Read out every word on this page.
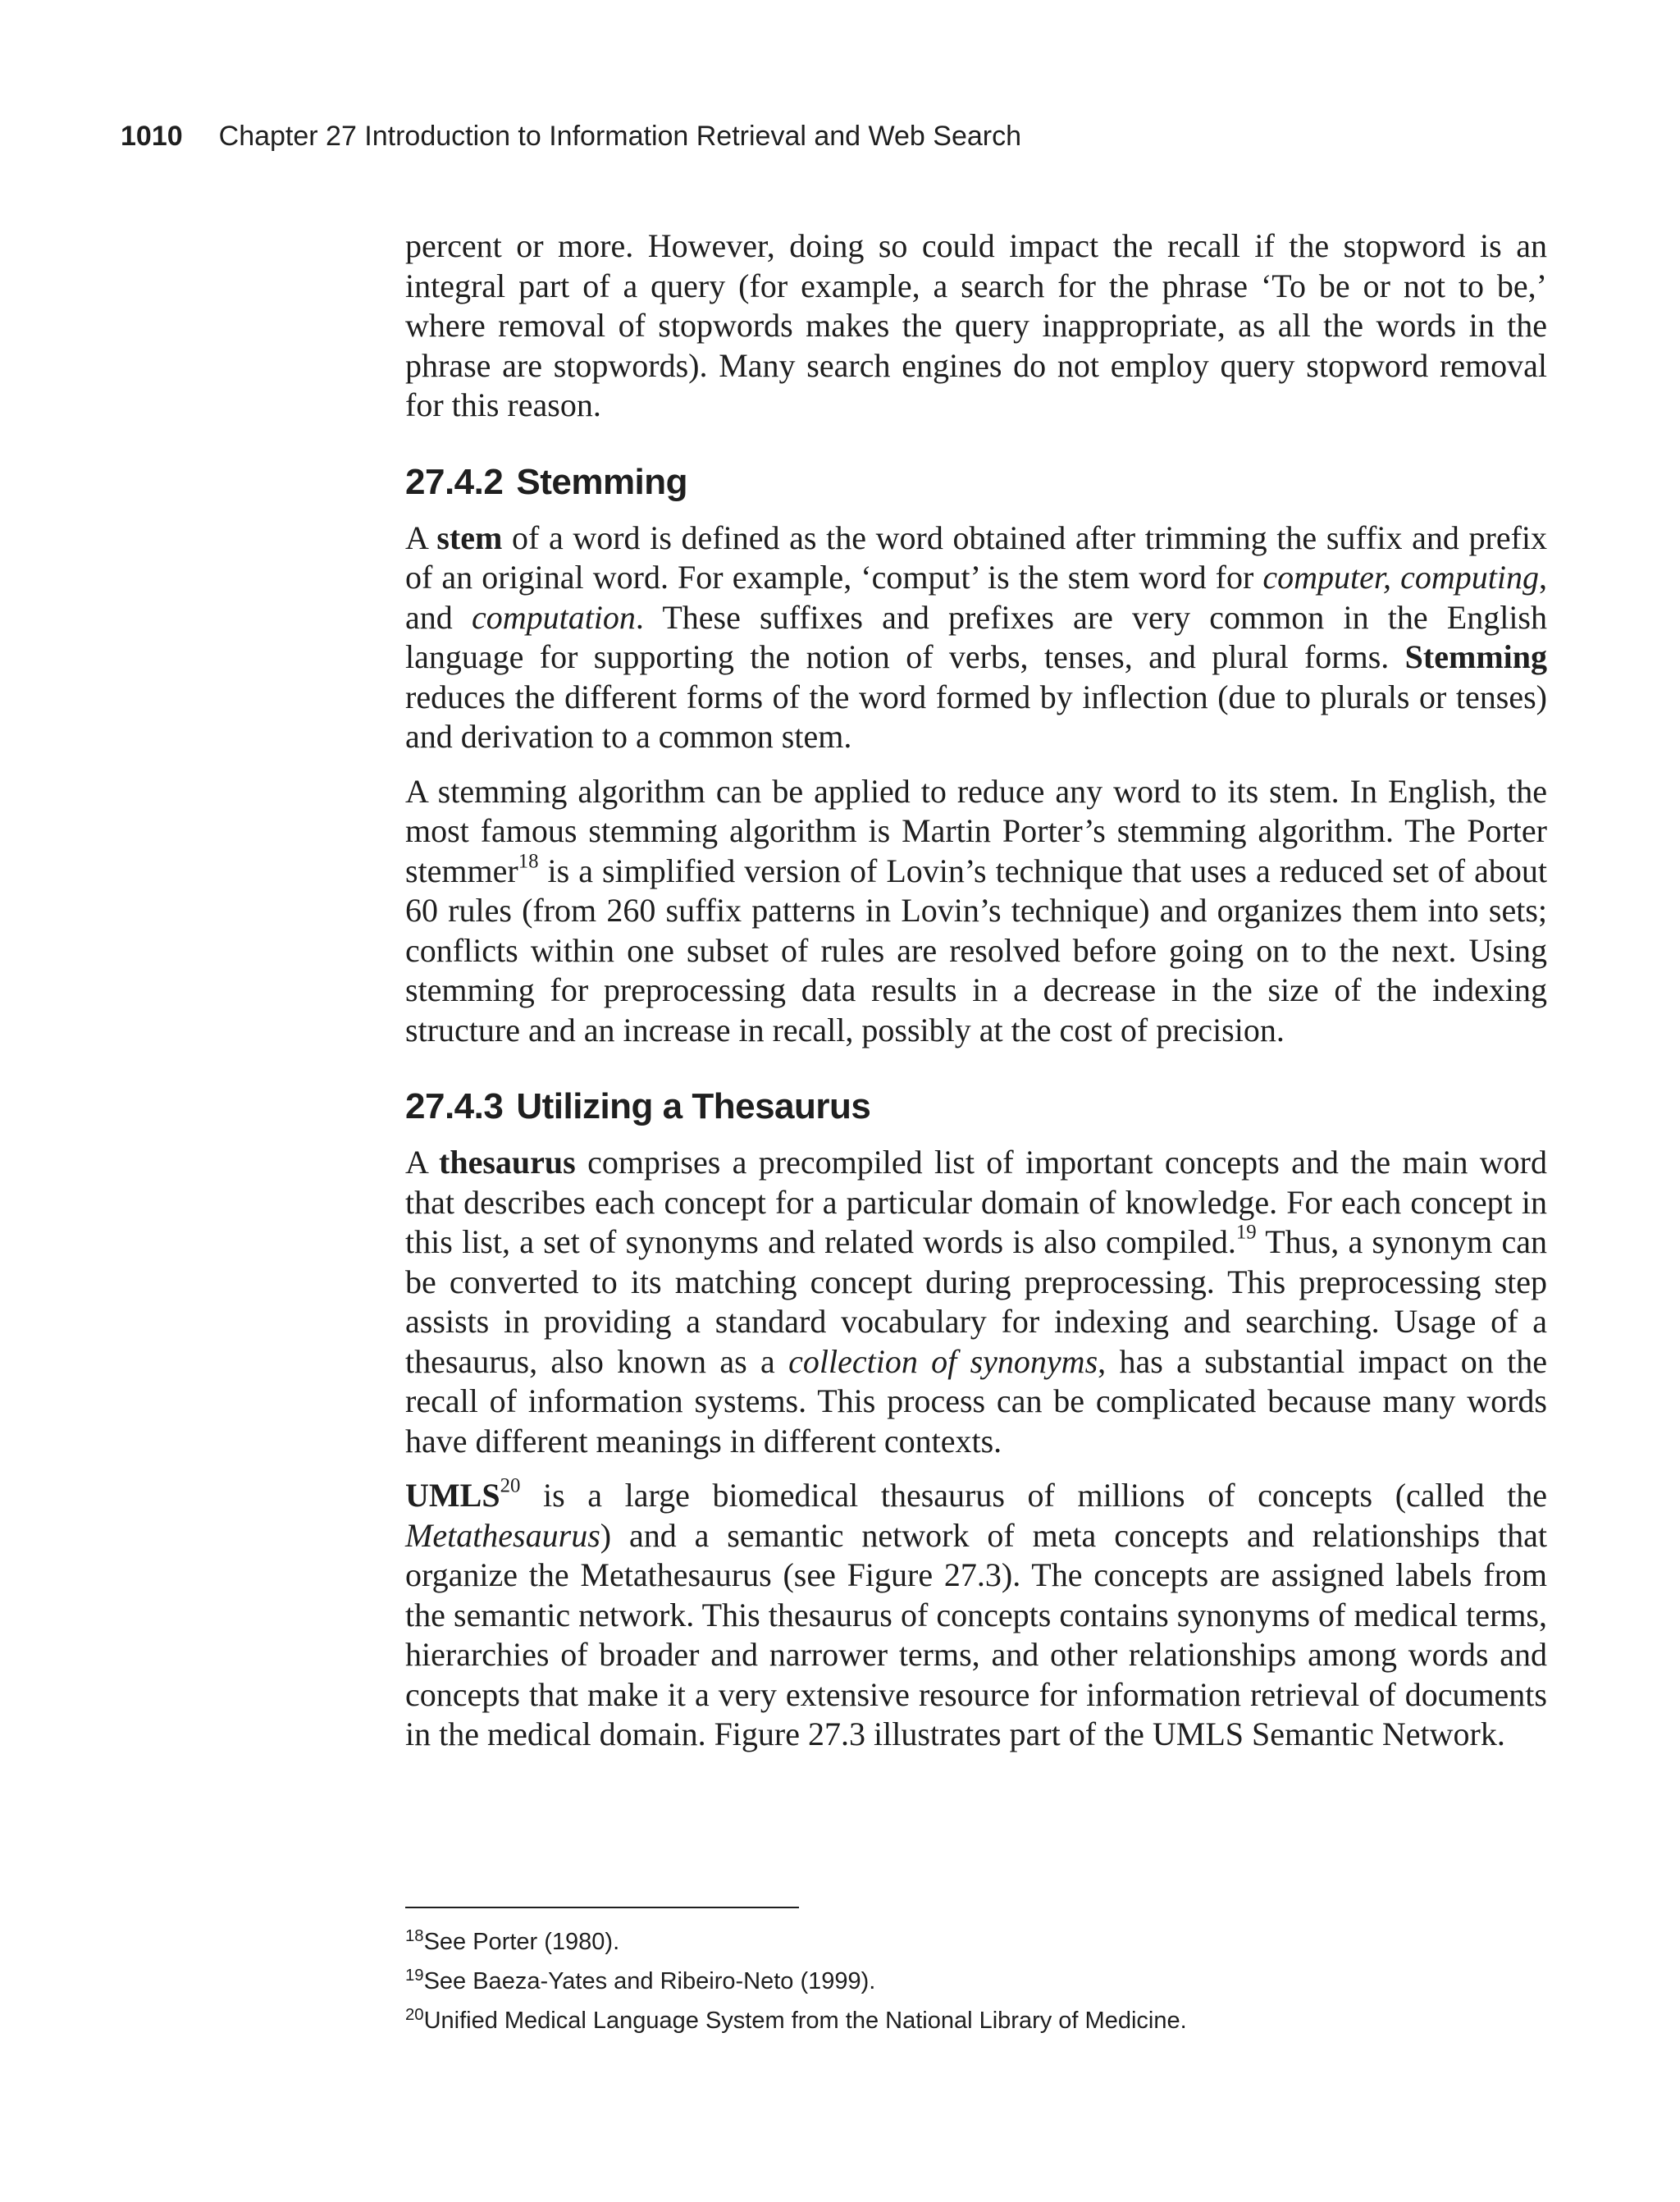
1010 Chapter 27 Introduction to Information Retrieval and Web Search

percent or more. However, doing so could impact the recall if the stopword is an integral part of a query (for example, a search for the phrase ‘To be or not to be,’ where removal of stopwords makes the query inappropriate, as all the words in the phrase are stopwords). Many search engines do not employ query stopword removal for this reason.

27.4.2 Stemming

A stem of a word is defined as the word obtained after trimming the suffix and prefix of an original word. For example, ‘comput’ is the stem word for computer, computing, and computation. These suffixes and prefixes are very common in the English language for supporting the notion of verbs, tenses, and plural forms. Stemming reduces the different forms of the word formed by inflection (due to plurals or tenses) and derivation to a common stem.

A stemming algorithm can be applied to reduce any word to its stem. In English, the most famous stemming algorithm is Martin Porter’s stemming algorithm. The Porter stemmer$^{18}$ is a simplified version of Lovin’s technique that uses a reduced set of about 60 rules (from 260 suffix patterns in Lovin’s technique) and organizes them into sets; conflicts within one subset of rules are resolved before going on to the next. Using stemming for preprocessing data results in a decrease in the size of the indexing structure and an increase in recall, possibly at the cost of precision.

27.4.3 Utilizing a Thesaurus

A thesaurus comprises a precompiled list of important concepts and the main word that describes each concept for a particular domain of knowledge. For each concept in this list, a set of synonyms and related words is also compiled.$^{19}$ Thus, a synonym can be converted to its matching concept during preprocessing. This preprocessing step assists in providing a standard vocabulary for indexing and searching. Usage of a thesaurus, also known as a collection of synonyms, has a substantial impact on the recall of information systems. This process can be complicated because many words have different meanings in different contexts.

UMLS$^{20}$ is a large biomedical thesaurus of millions of concepts (called the Metathesaurus) and a semantic network of meta concepts and relationships that organize the Metathesaurus (see Figure 27.3). The concepts are assigned labels from the semantic network. This thesaurus of concepts contains synonyms of medical terms, hierarchies of broader and narrower terms, and other relationships among words and concepts that make it a very extensive resource for information retrieval of documents in the medical domain. Figure 27.3 illustrates part of the UMLS Semantic Network.

$^{18}$See Porter (1980).

$^{19}$See Baeza-Yates and Ribeiro-Neto (1999).

$^{20}$Unified Medical Language System from the National Library of Medicine.
